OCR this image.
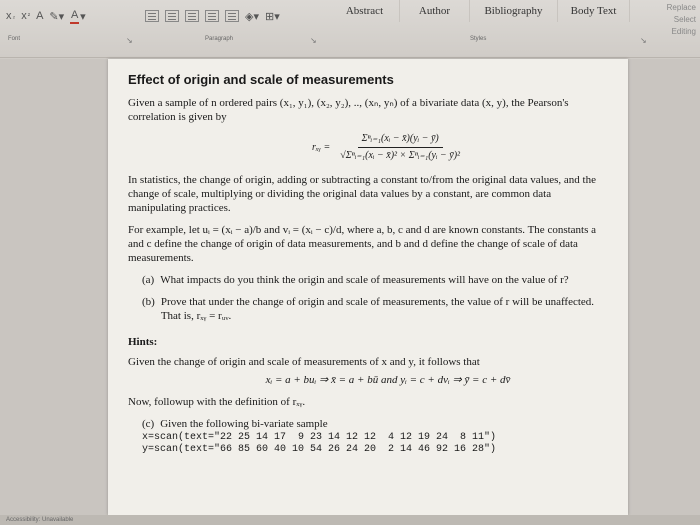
x ₂ x ² A ✎▾ A ▾	◈▾ ⊞▾	Abstract	Author	Bibliography	Body Text
Font	↘	Paragraph	↘	Styles	↘
Replace
Select
Editing
Effect of origin and scale of measurements
Given a sample of n ordered pairs (x₁, y₁), (x₂, y₂), .., (xₙ, yₙ) of a bivariate data (x, y), the Pearson's correlation is given by
rₓᵧ = $\frac{\text{Σⁿᵢ₌₁(xᵢ − x̄)(yᵢ − ȳ)}}{\text{√Σⁿᵢ₌₁(xᵢ − x̄)² × Σⁿᵢ₌₁(yᵢ − ȳ)²}}$
In statistics, the change of origin, adding or subtracting a constant to/from the original data values, and the change of scale, multiplying or dividing the original data values by a constant, are common data manipulating practices.
For example, let uᵢ = (xᵢ − a)/b and vᵢ = (xᵢ − c)/d, where a, b, c and d are known constants. The constants a and c define the change of origin of data measurements, and b and d define the change of scale of data measurements.
(a) What impacts do you think the origin and scale of measurements will have on the value of r?
(b) Prove that under the change of origin and scale of measurements, the value of r will be unaffected. That is, rₓᵧ = rᵤᵥ.
Hints:
Given the change of origin and scale of measurements of x and y, it follows that
xᵢ = a + buᵢ ⇒ x̄ = a + bū and yᵢ = c + dvᵢ ⇒ ȳ = c + dv̄
Now, followup with the definition of rₓᵧ.
(c) Given the following bi-variate sample
x=scan(text="22 25 14 17  9 23 14 12 12  4 12 19 24  8 11")
y=scan(text="66 85 60 40 10 54 26 24 20  2 14 46 92 16 28")
Accessibility: Unavailable
